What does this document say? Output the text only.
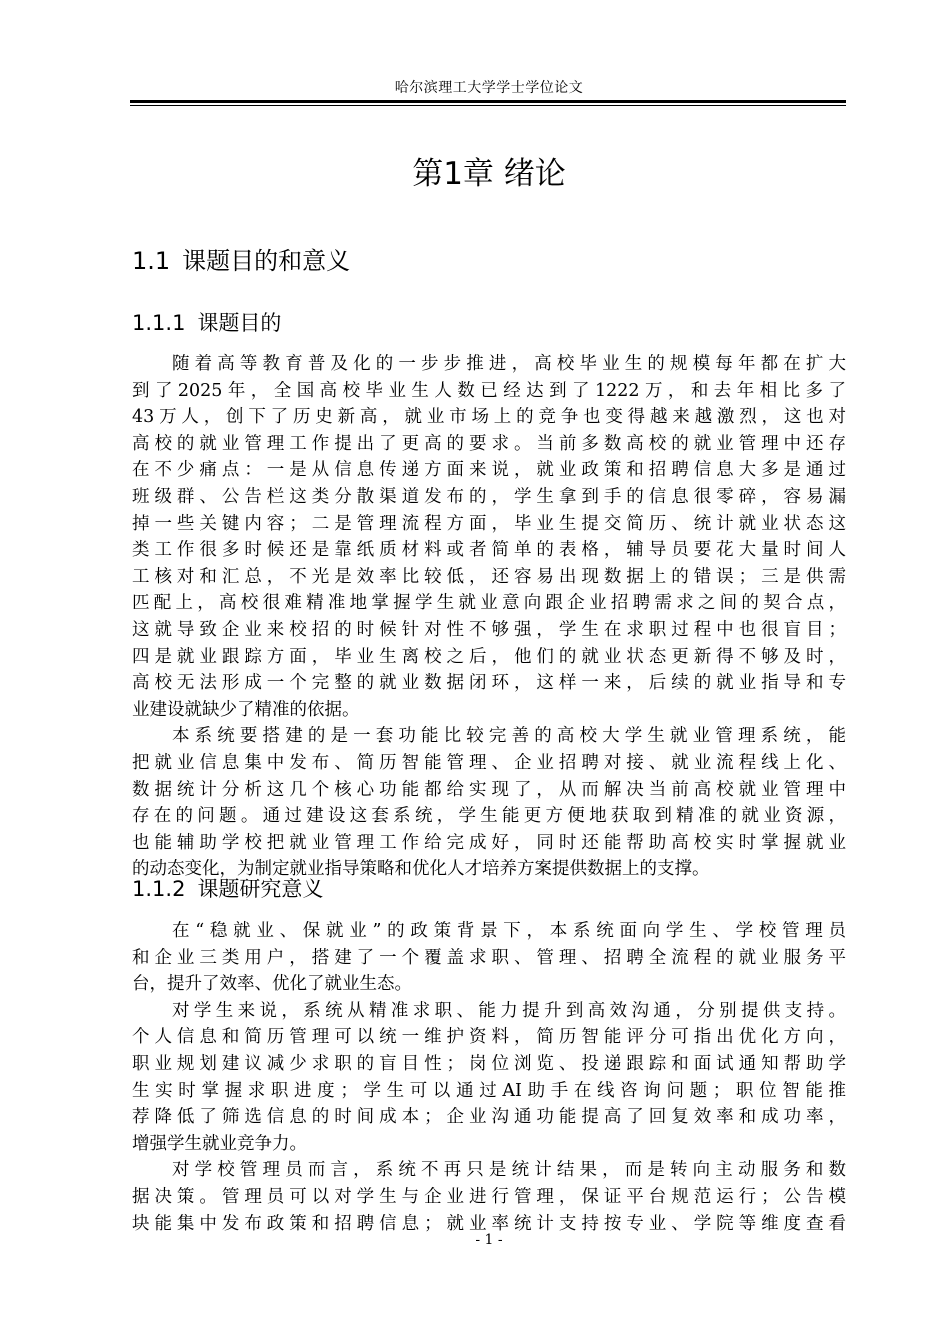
哈尔滨理工大学学士学位论文
第1章 绪论
1.1 课题目的和意义
1.1.1 课题目的
随着高等教育普及化的一步步推进，高校毕业生的规模每年都在扩大
到了2025年，全国高校毕业生人数已经达到了1222万，和去年相比多了
43万人，创下了历史新高，就业市场上的竞争也变得越来越激烈，这也对
高校的就业管理工作提出了更高的要求。当前多数高校的就业管理中还存
在不少痛点：一是从信息传递方面来说，就业政策和招聘信息大多是通过
班级群、公告栏这类分散渠道发布的，学生拿到手的信息很零碎，容易漏
掉一些关键内容；二是管理流程方面，毕业生提交简历、统计就业状态这
类工作很多时候还是靠纸质材料或者简单的表格，辅导员要花大量时间人
工核对和汇总，不光是效率比较低，还容易出现数据上的错误；三是供需
匹配上，高校很难精准地掌握学生就业意向跟企业招聘需求之间的契合点，
这就导致企业来校招的时候针对性不够强，学生在求职过程中也很盲目；
四是就业跟踪方面，毕业生离校之后，他们的就业状态更新得不够及时，
高校无法形成一个完整的就业数据闭环，这样一来，后续的就业指导和专
业建设就缺少了精准的依据。
本系统要搭建的是一套功能比较完善的高校大学生就业管理系统，能
把就业信息集中发布、简历智能管理、企业招聘对接、就业流程线上化、
数据统计分析这几个核心功能都给实现了，从而解决当前高校就业管理中
存在的问题。通过建设这套系统，学生能更方便地获取到精准的就业资源，
也能辅助学校把就业管理工作给完成好，同时还能帮助高校实时掌握就业
的动态变化，为制定就业指导策略和优化人才培养方案提供数据上的支撑。
1.1.2 课题研究意义
在“稳就业、保就业”的政策背景下，本系统面向学生、学校管理员
和企业三类用户，搭建了一个覆盖求职、管理、招聘全流程的就业服务平
台，提升了效率、优化了就业生态。
对学生来说，系统从精准求职、能力提升到高效沟通，分别提供支持。
个人信息和简历管理可以统一维护资料，简历智能评分可指出优化方向，
职业规划建议减少求职的盲目性；岗位浏览、投递跟踪和面试通知帮助学
生实时掌握求职进度；学生可以通过AI助手在线咨询问题；职位智能推
荐降低了筛选信息的时间成本；企业沟通功能提高了回复效率和成功率，
增强学生就业竞争力。
对学校管理员而言，系统不再只是统计结果，而是转向主动服务和数
据决策。管理员可以对学生与企业进行管理，保证平台规范运行；公告模
块能集中发布政策和招聘信息；就业率统计支持按专业、学院等维度查看
- 1 -
